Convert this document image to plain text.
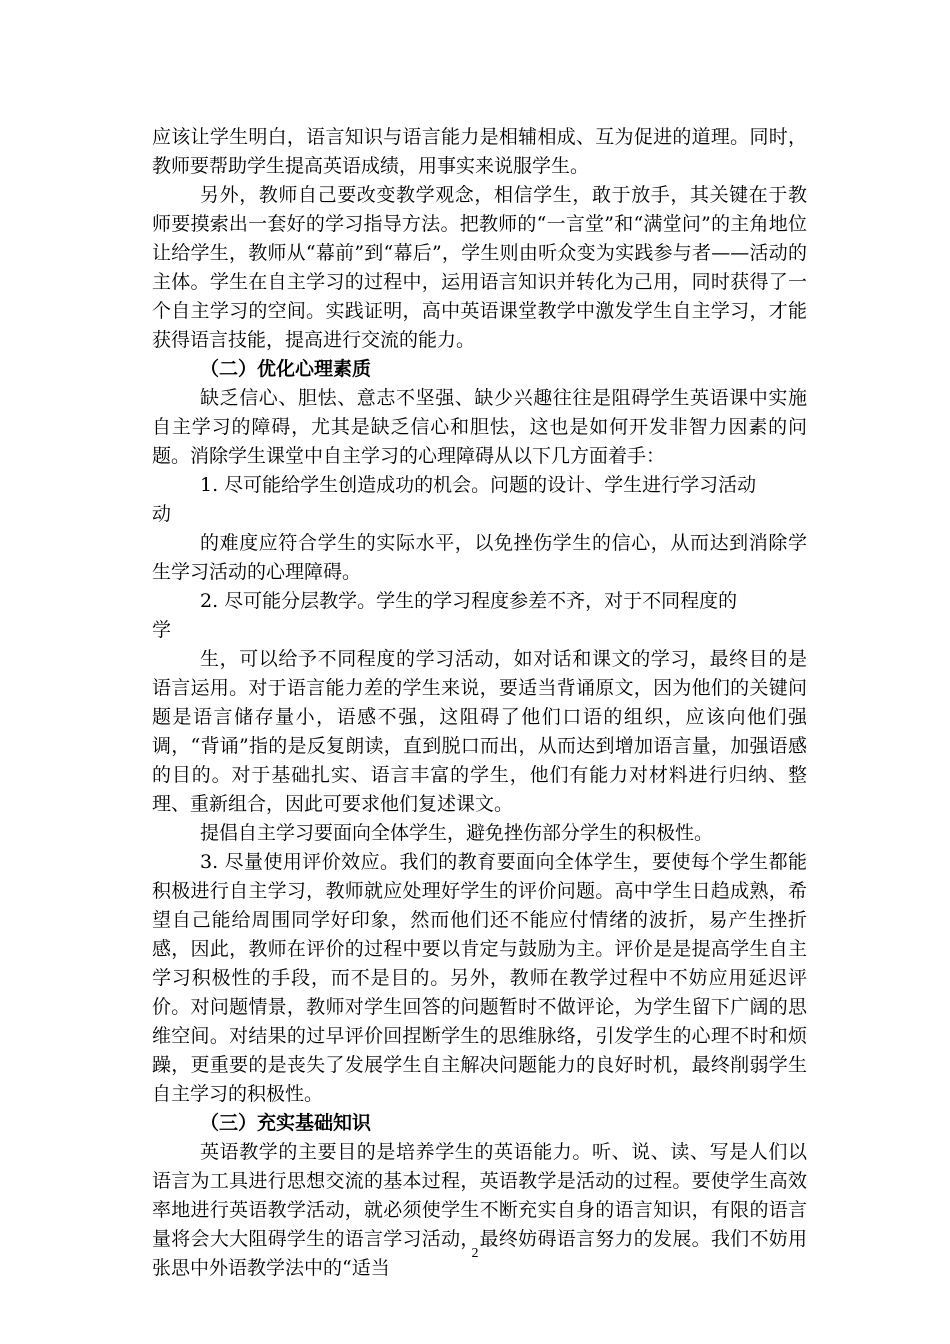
应该让学生明白，语言知识与语言能力是相辅相成、互为促进的道理。同时，教师要帮助学生提高英语成绩，用事实来说服学生。

另外，教师自己要改变教学观念，相信学生，敢于放手，其关键在于教师要摸索出一套好的学习指导方法。把教师的“一言堂”和“满堂问”的主角地位让给学生，教师从“幕前”到“幕后”，学生则由听众变为实践参与者——活动的主体。学生在自主学习的过程中，运用语言知识并转化为己用，同时获得了一个自主学习的空间。实践证明，高中英语课堂教学中激发学生自主学习，才能获得语言技能，提高进行交流的能力。

（二）优化心理素质

缺乏信心、胆怯、意志不坚强、缺少兴趣往往是阻碍学生英语课中实施自主学习的障碍，尤其是缺乏信心和胆怯，这也是如何开发非智力因素的问题。消除学生课堂中自主学习的心理障碍从以下几方面着手：

1. 尽可能给学生创造成功的机会。问题的设计、学生进行学习活动

动

的难度应符合学生的实际水平，以免挫伤学生的信心，从而达到消除学生学习活动的心理障碍。

2. 尽可能分层教学。学生的学习程度参差不齐，对于不同程度的

学

生，可以给予不同程度的学习活动，如对话和课文的学习，最终目的是语言运用。对于语言能力差的学生来说，要适当背诵原文，因为他们的关键问题是语言储存量小，语感不强，这阻碍了他们口语的组织，应该向他们强调，“背诵”指的是反复朗读，直到脱口而出，从而达到增加语言量，加强语感的目的。对于基础扎实、语言丰富的学生，他们有能力对材料进行归纳、整理、重新组合，因此可要求他们复述课文。

提倡自主学习要面向全体学生，避免挫伤部分学生的积极性。

3. 尽量使用评价效应。我们的教育要面向全体学生，要使每个学生都能积极进行自主学习，教师就应处理好学生的评价问题。高中学生日趋成熟，希望自己能给周围同学好印象，然而他们还不能应付情绪的波折，易产生挫折感，因此，教师在评价的过程中要以肯定与鼓励为主。评价是是提高学生自主学习积极性的手段，而不是目的。另外，教师在教学过程中不妨应用延迟评价。对问题情景，教师对学生回答的问题暂时不做评论，为学生留下广阔的思维空间。对结果的过早评价回捏断学生的思维脉络，引发学生的心理不时和烦躁，更重要的是丧失了发展学生自主解决问题能力的良好时机，最终削弱学生自主学习的积极性。

（三）充实基础知识

英语教学的主要目的是培养学生的英语能力。听、说、读、写是人们以语言为工具进行思想交流的基本过程，英语教学是活动的过程。要使学生高效率地进行英语教学活动，就必须使学生不断充实自身的语言知识，有限的语言量将会大大阻碍学生的语言学习活动，最终妨碍语言努力的发展。我们不妨用张思中外语教学法中的“适当

2
